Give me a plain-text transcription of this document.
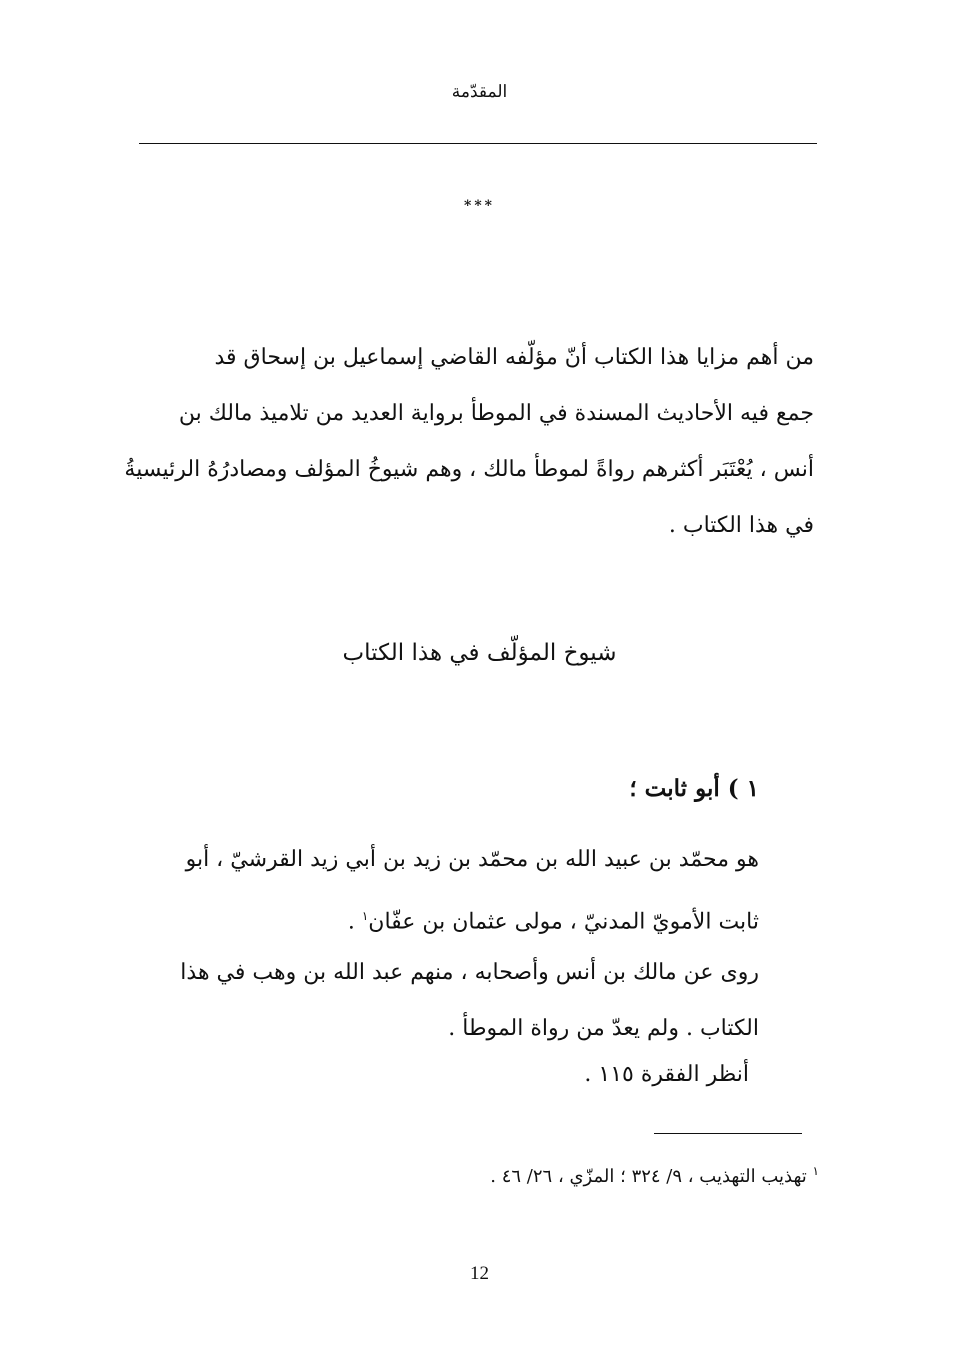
المقدّمة
***
من أهم مزايا هذا الكتاب أنّ مؤلّفه القاضي إسماعيل بن إسحاق قد
جمع فيه الأحاديث المسندة في الموطأ برواية العديد من تلاميذ مالك بن
أنس ، يُعْتَبَر أكثرهم رواةً لموطأ مالك ، وهم شيوخُ المؤلف ومصادرُهُ الرئيسيةُ
في هذا الكتاب .
شيوخ المؤلّف في هذا الكتاب
١ ) أبو ثابت ؛
هو محمّد بن عبيد الله بن محمّد بن زيد بن أبي زيد القرشيّ ، أبو
ثابت الأمويّ المدنيّ ، مولى عثمان بن عفّان$^١$ .
روى عن مالك بن أنس وأصحابه ، منهم عبد الله بن وهب في هذا
الكتاب . ولم يعدّ من رواة الموطأ .
أنظر الفقرة ١١٥ .
$^١$ تهذيب التهذيب ، ٩/ ٣٢٤ ؛ المزّي ، ٢٦/ ٤٦ .
12
